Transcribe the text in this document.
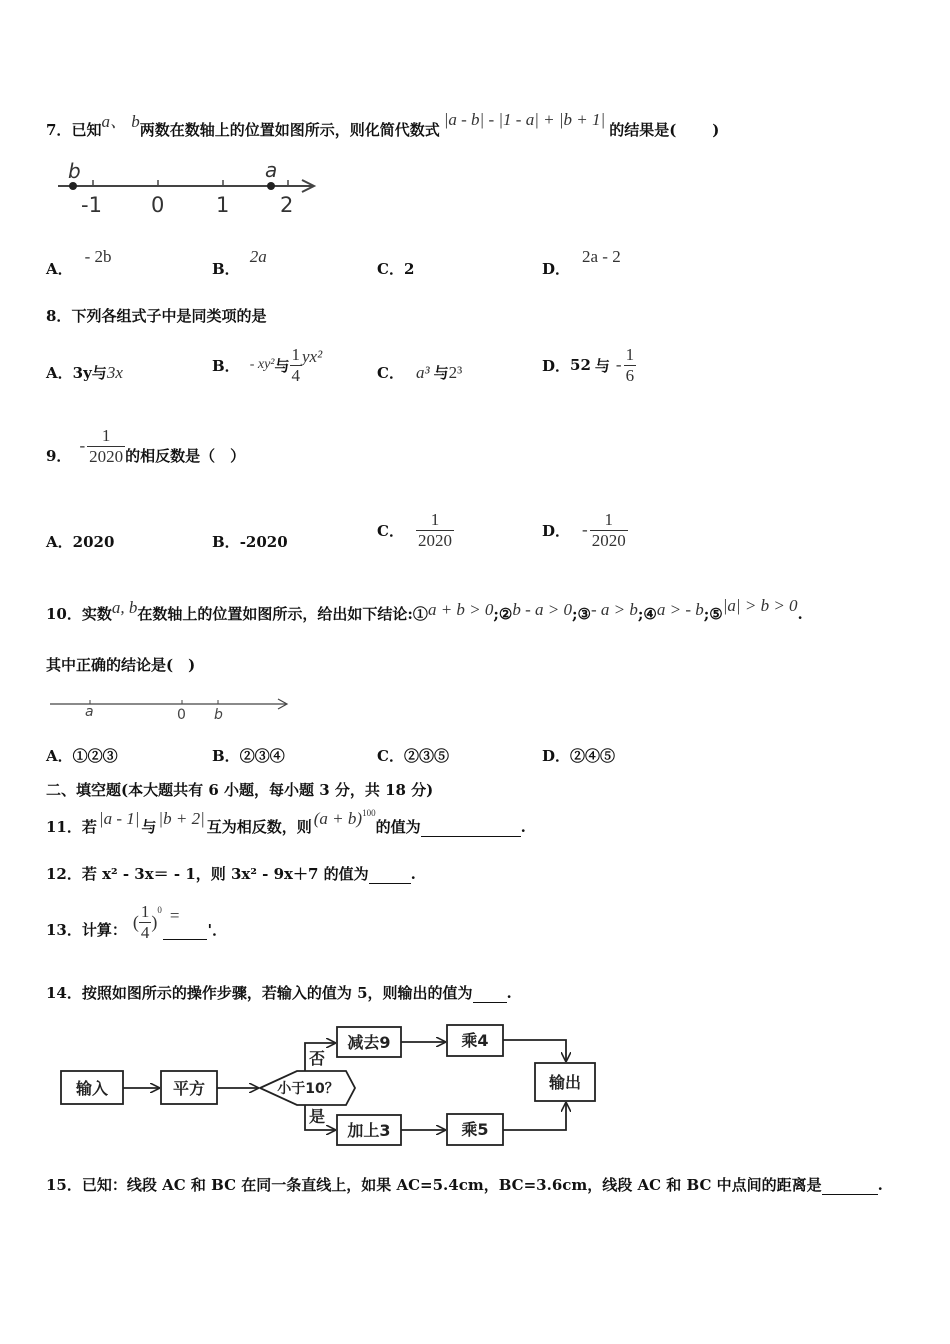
7．已知a、 b两数在数轴上的位置如图所示，则化简代数式|a - b| - |1 - a| + |b + 1|的结果是( )
b	a
-1 0 1 2
A．- 2b
B．2a
C．2	D．2a - 2
8．下列各组式子中是同类项的是
A．3y与3x	B． - xy² 与 $\frac{1}{4} yx^2$
C． a³ 与2³	D． 52 与 - $\frac{1}{6}$
9．
- $\frac{1}{2020}$ 的相反数是（　）
A．2020	B．-2020
C． $\frac{1}{2020}$	D． - $\frac{1}{2020}$
10．实数a, b在数轴上的位置如图所示，给出如下结论:①a + b > 0;②b - a > 0;③- a > b;④a > - b;⑤|a| > b > 0.
其中正确的结论是(　)
a	0 b
A．①②③	B．②③④	C．②③⑤	D．②④⑤
二、填空题(本大题共有 6 小题，每小题 3 分，共 18 分)
11．若 |a - 1| 与 |b + 2| 互为相反数，则 $(a + b)^{100}$的值为	.
12．若 x² - 3x＝ - 1，则 3x² - 9x＋7 的值为	.
13． 计算： ( $\frac{1}{4}$ )
0 =
'．
14．按照如图所示的操作步骤，若输入的值为 5，则输出的值为 .
输入	平方	小于10？
减去9	乘4
加上3	乘5
输出
否
是
15．已知：线段 AC 和 BC 在同一条直线上，如果 AC=5.4cm，BC=3.6cm，线段 AC 和 BC 中点间的距离是	.
